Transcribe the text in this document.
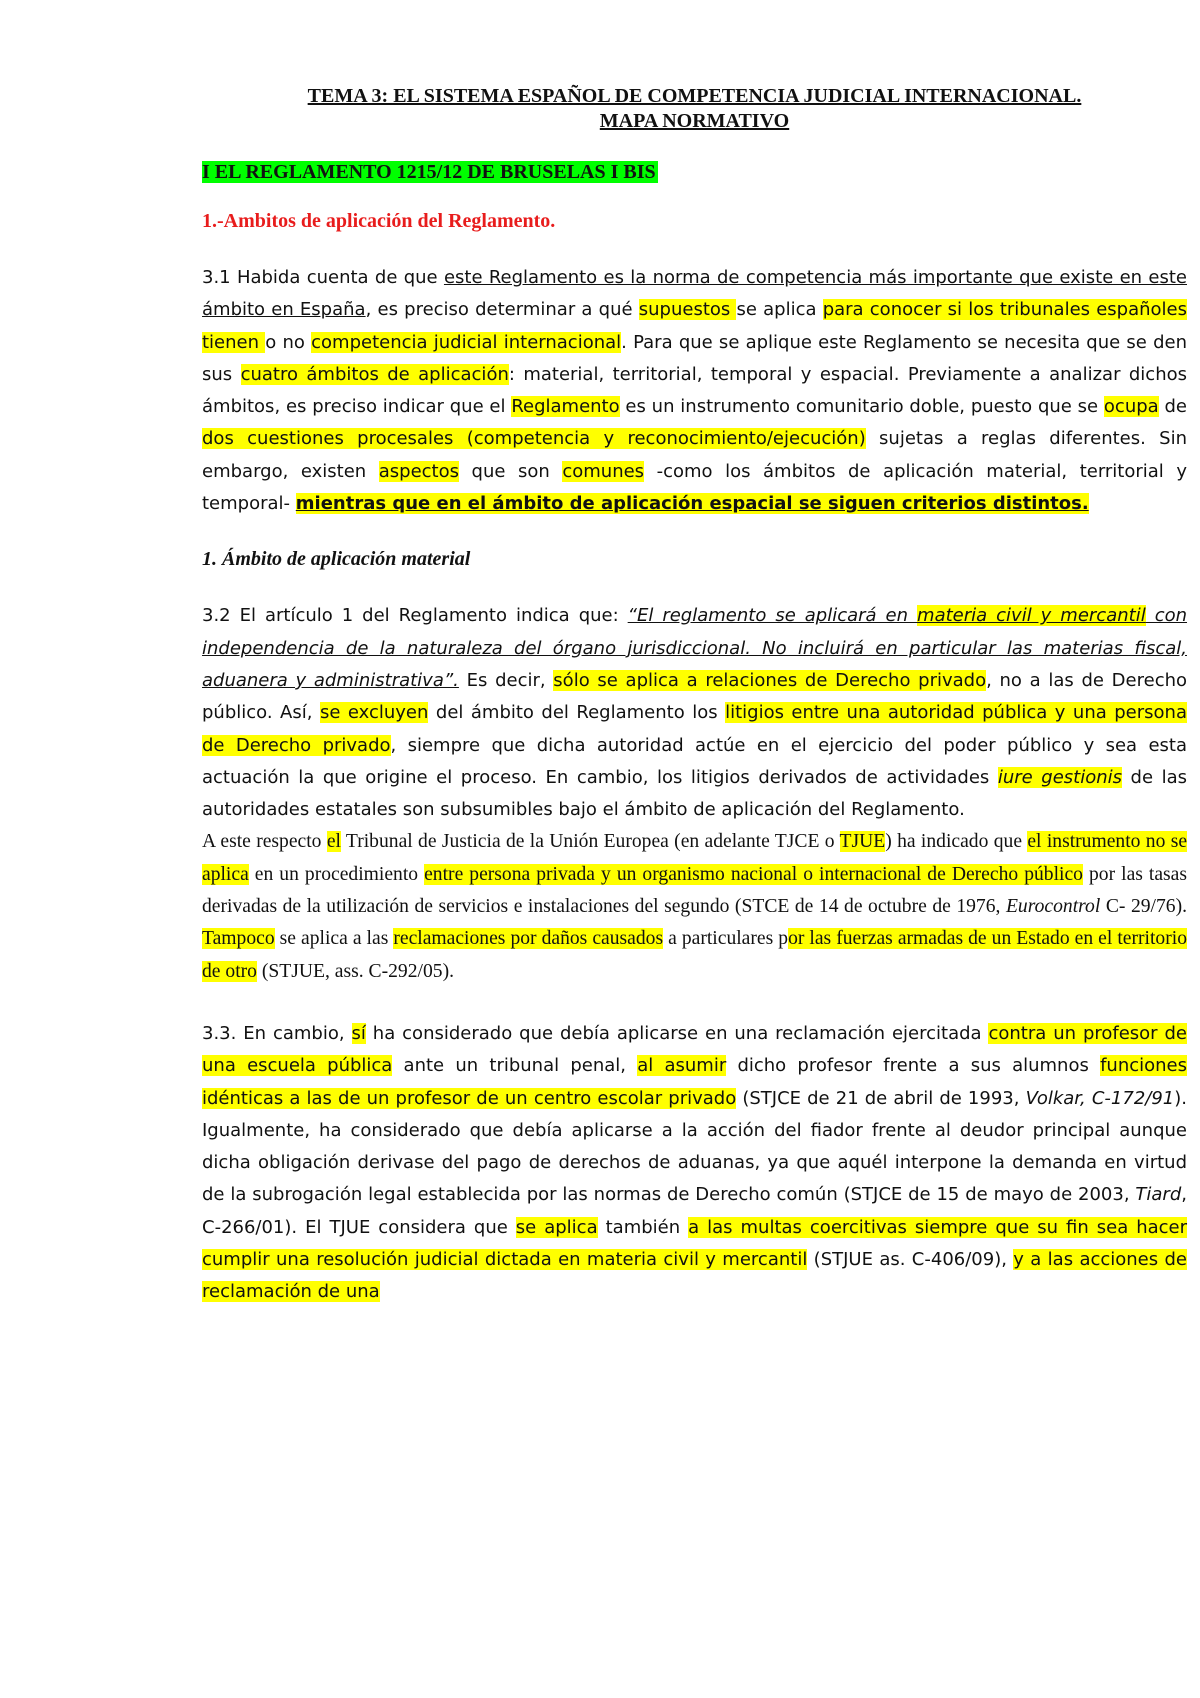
TEMA 3: EL SISTEMA ESPAÑOL DE COMPETENCIA JUDICIAL INTERNACIONAL.
MAPA NORMATIVO
I EL REGLAMENTO 1215/12 DE BRUSELAS I BIS
1.-Ambitos de aplicación del Reglamento.

3.1 Habida cuenta de que este Reglamento es la norma de competencia más importante que existe en este ámbito en España, es preciso determinar a qué supuestos se aplica para conocer si los tribunales españoles tienen o no competencia judicial internacional. Para que se aplique este Reglamento se necesita que se den sus cuatro ámbitos de aplicación: material, territorial, temporal y espacial. Previamente a analizar dichos ámbitos, es preciso indicar que el Reglamento es un instrumento comunitario doble, puesto que se ocupa de dos cuestiones procesales (competencia y reconocimiento/ejecución) sujetas a reglas diferentes. Sin embargo, existen aspectos que son comunes -como los ámbitos de aplicación material, territorial y temporal- mientras que en el ámbito de aplicación espacial se siguen criterios distintos.

1. Ámbito de aplicación material

3.2 El artículo 1 del Reglamento indica que: “El reglamento se aplicará en materia civil y mercantil con independencia de la naturaleza del órgano jurisdiccional. No incluirá en particular las materias fiscal, aduanera y administrativa”. Es decir, sólo se aplica a relaciones de Derecho privado, no a las de Derecho público. Así, se excluyen del ámbito del Reglamento los litigios entre una autoridad pública y una persona de Derecho privado, siempre que dicha autoridad actúe en el ejercicio del poder público y sea esta actuación la que origine el proceso. En cambio, los litigios derivados de actividades iure gestionis de las autoridades estatales son subsumibles bajo el ámbito de aplicación del Reglamento.

A este respecto el Tribunal de Justicia de la Unión Europea (en adelante TJCE o TJUE) ha indicado que el instrumento no se aplica en un procedimiento entre persona privada y un organismo nacional o internacional de Derecho público por las tasas derivadas de la utilización de servicios e instalaciones del segundo (STCE de 14 de octubre de 1976, Eurocontrol C- 29/76). Tampoco se aplica a las reclamaciones por daños causados a particulares por las fuerzas armadas de un Estado en el territorio de otro (STJUE, ass. C-292/05).

3.3. En cambio, sí ha considerado que debía aplicarse en una reclamación ejercitada contra un profesor de una escuela pública ante un tribunal penal, al asumir dicho profesor frente a sus alumnos funciones idénticas a las de un profesor de un centro escolar privado (STJCE de 21 de abril de 1993, Volkar, C-172/91). Igualmente, ha considerado que debía aplicarse a la acción del fiador frente al deudor principal aunque dicha obligación derivase del pago de derechos de aduanas, ya que aquél interpone la demanda en virtud de la subrogación legal establecida por las normas de Derecho común (STJCE de 15 de mayo de 2003, Tiard, C-266/01). El TJUE considera que se aplica también a las multas coercitivas siempre que su fin sea hacer cumplir una resolución judicial dictada en materia civil y mercantil (STJUE as. C-406/09), y a las acciones de reclamación de una
